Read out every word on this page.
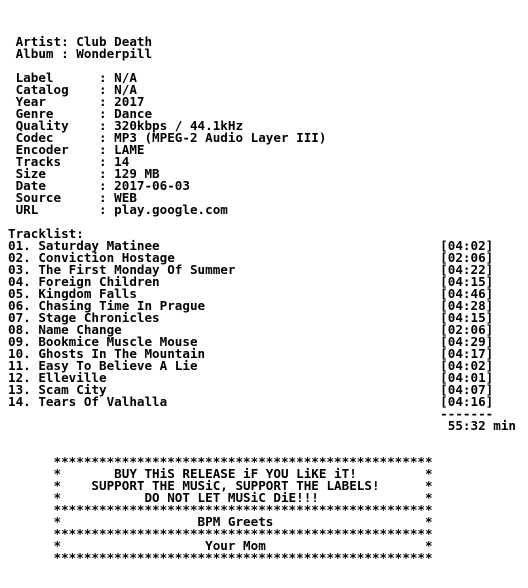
Artist: Club Death
Album : Wonderpill
Label      : N/A
Catalog    : N/A
Year       : 2017
Genre      : Dance
Quality    : 320kbps / 44.1kHz
Codec      : MP3 (MPEG-2 Audio Layer III)
Encoder    : LAME
Tracks     : 14
Size       : 129 MB
Date       : 2017-06-03
Source     : WEB
URL        : play.google.com
Tracklist:
01. Saturday Matinee                                     [04:02]
02. Conviction Hostage                                   [02:06]
03. The First Monday Of Summer                           [04:22]
04. Foreign Children                                     [04:15]
05. Kingdom Falls                                        [04:46]
06. Chasing Time In Prague                               [04:28]
07. Stage Chronicles                                     [04:15]
08. Name Change                                          [02:06]
09. Bookmice Muscle Mouse                                [04:29]
10. Ghosts In The Mountain                               [04:17]
11. Easy To Believe A Lie                                [04:02]
12. Elleville                                            [04:01]
13. Scam City                                            [04:07]
14. Tears Of Valhalla                                    [04:16]
-------
55:32 min
**************************************************
*       BUY THiS RELEASE iF YOU LiKE iT!         *
*    SUPPORT THE MUSiC, SUPPORT THE LABELS!      *
*           DO NOT LET MUSiC DiE!!!              *
**************************************************
*                  BPM Greets                    *
**************************************************
*                   Your Mom                     *
**************************************************
